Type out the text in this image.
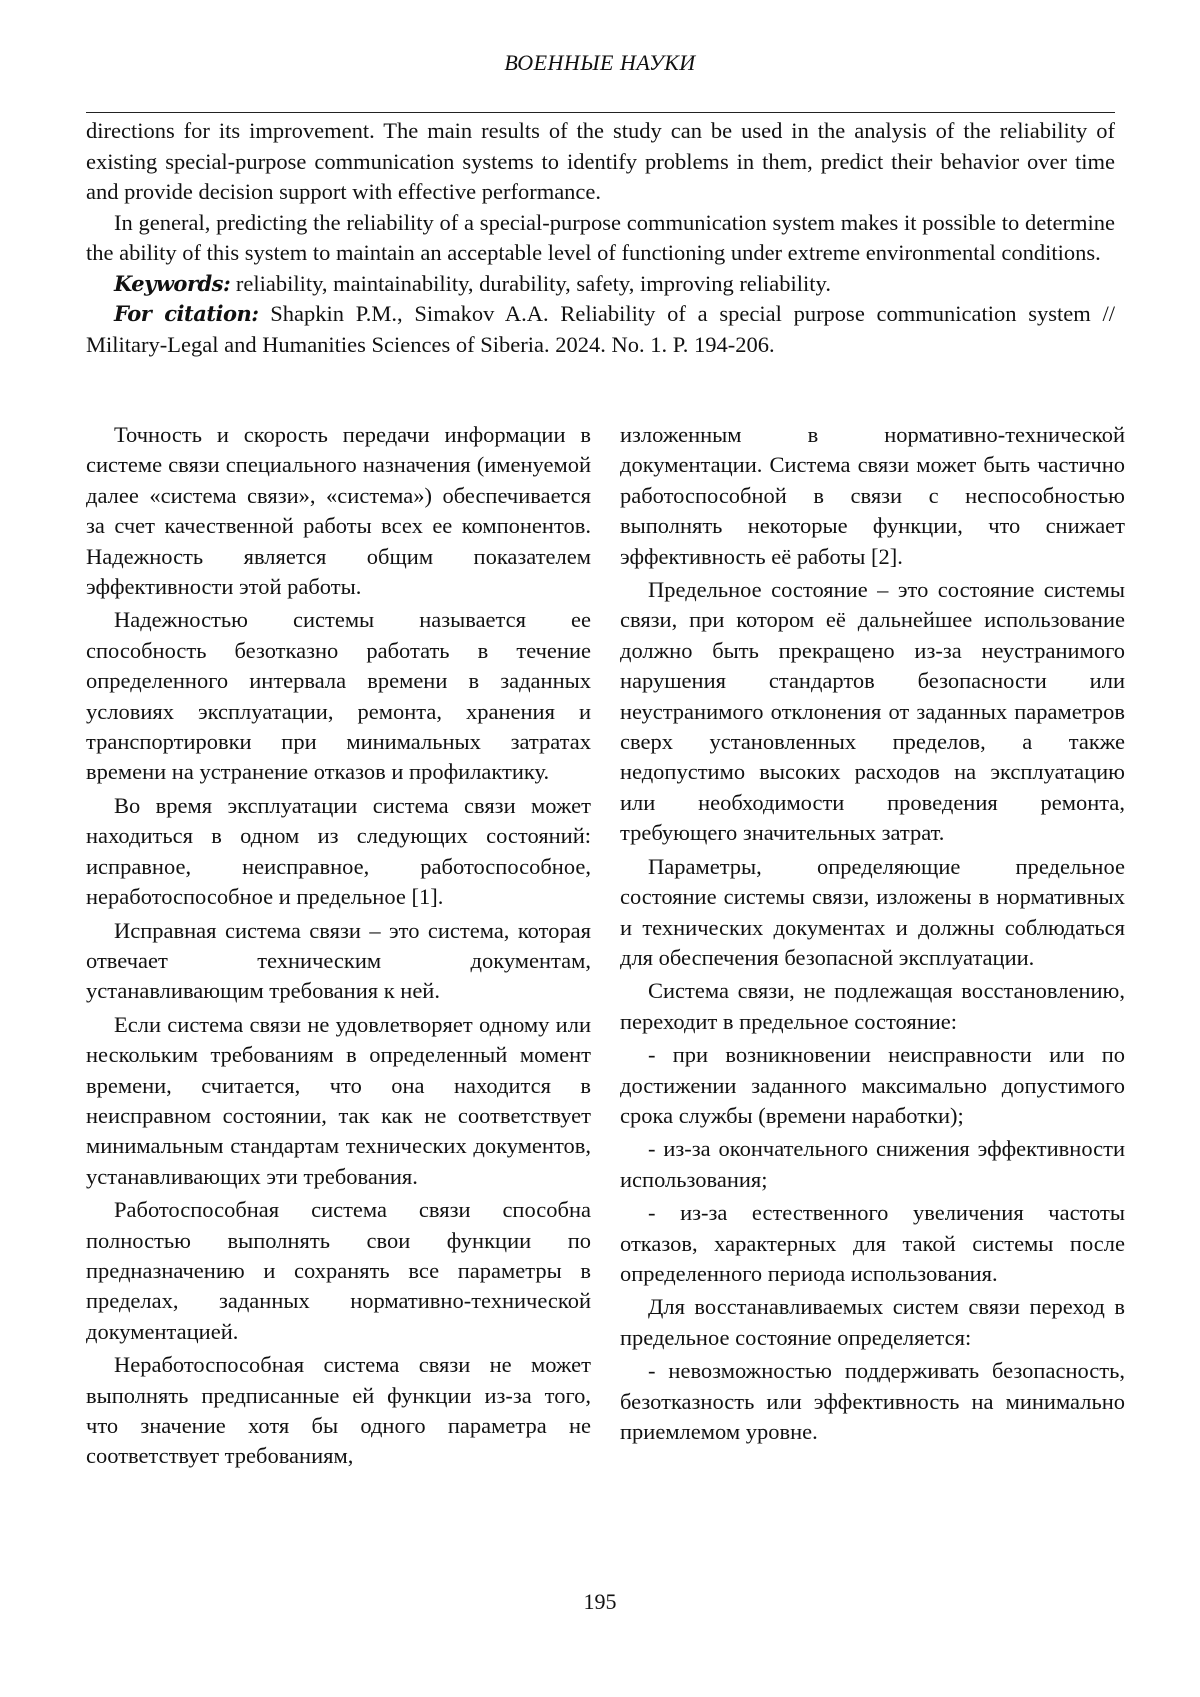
ВОЕННЫЕ НАУКИ

directions for its improvement. The main results of the study can be used in the analysis of the reliability of existing special-purpose communication systems to identify problems in them, predict their behavior over time and provide decision support with effective performance.

In general, predicting the reliability of a special-purpose communication system makes it possible to determine the ability of this system to maintain an acceptable level of functioning under extreme environmental conditions.

Keywords: reliability, maintainability, durability, safety, improving reliability.

For citation: Shapkin P.M., Simakov A.A. Reliability of a special purpose communication system // Military-Legal and Humanities Sciences of Siberia. 2024. No. 1. P. 194-206.

Точность и скорость передачи информации в системе связи специального назначения (именуемой далее «система связи», «система») обеспечивается за счет качественной работы всех ее компонентов. Надежность является общим показателем эффективности этой работы.

Надежностью системы называется ее способность безотказно работать в течение определенного интервала времени в заданных условиях эксплуатации, ремонта, хранения и транспортировки при минимальных затратах времени на устранение отказов и профилактику.

Во время эксплуатации система связи может находиться в одном из следующих состояний: исправное, неисправное, работоспособное, неработоспособное и предельное [1].

Исправная система связи – это система, которая отвечает техническим документам, устанавливающим требования к ней.

Если система связи не удовлетворяет одному или нескольким требованиям в определенный момент времени, считается, что она находится в неисправном состоянии, так как не соответствует минимальным стандартам технических документов, устанавливающих эти требования.

Работоспособная система связи способна полностью выполнять свои функции по предназначению и сохранять все параметры в пределах, заданных нормативно-технической документацией.

Неработоспособная система связи не может выполнять предписанные ей функции из-за того, что значение хотя бы одного параметра не соответствует требованиям,

изложенным в нормативно-технической документации. Система связи может быть частично работоспособной в связи с неспособностью выполнять некоторые функции, что снижает эффективность её работы [2].

Предельное состояние – это состояние системы связи, при котором её дальнейшее использование должно быть прекращено из-за неустранимого нарушения стандартов безопасности или неустранимого отклонения от заданных параметров сверх установленных пределов, а также недопустимо высоких расходов на эксплуатацию или необходимости проведения ремонта, требующего значительных затрат.

Параметры, определяющие предельное состояние системы связи, изложены в нормативных и технических документах и должны соблюдаться для обеспечения безопасной эксплуатации.

Система связи, не подлежащая восстановлению, переходит в предельное состояние:

- при возникновении неисправности или по достижении заданного максимально допустимого срока службы (времени наработки);

- из-за окончательного снижения эффективности использования;

- из-за естественного увеличения частоты отказов, характерных для такой системы после определенного периода использования.

Для восстанавливаемых систем связи переход в предельное состояние определяется:

- невозможностью поддерживать безопасность, безотказность или эффективность на минимально приемлемом уровне.

195
